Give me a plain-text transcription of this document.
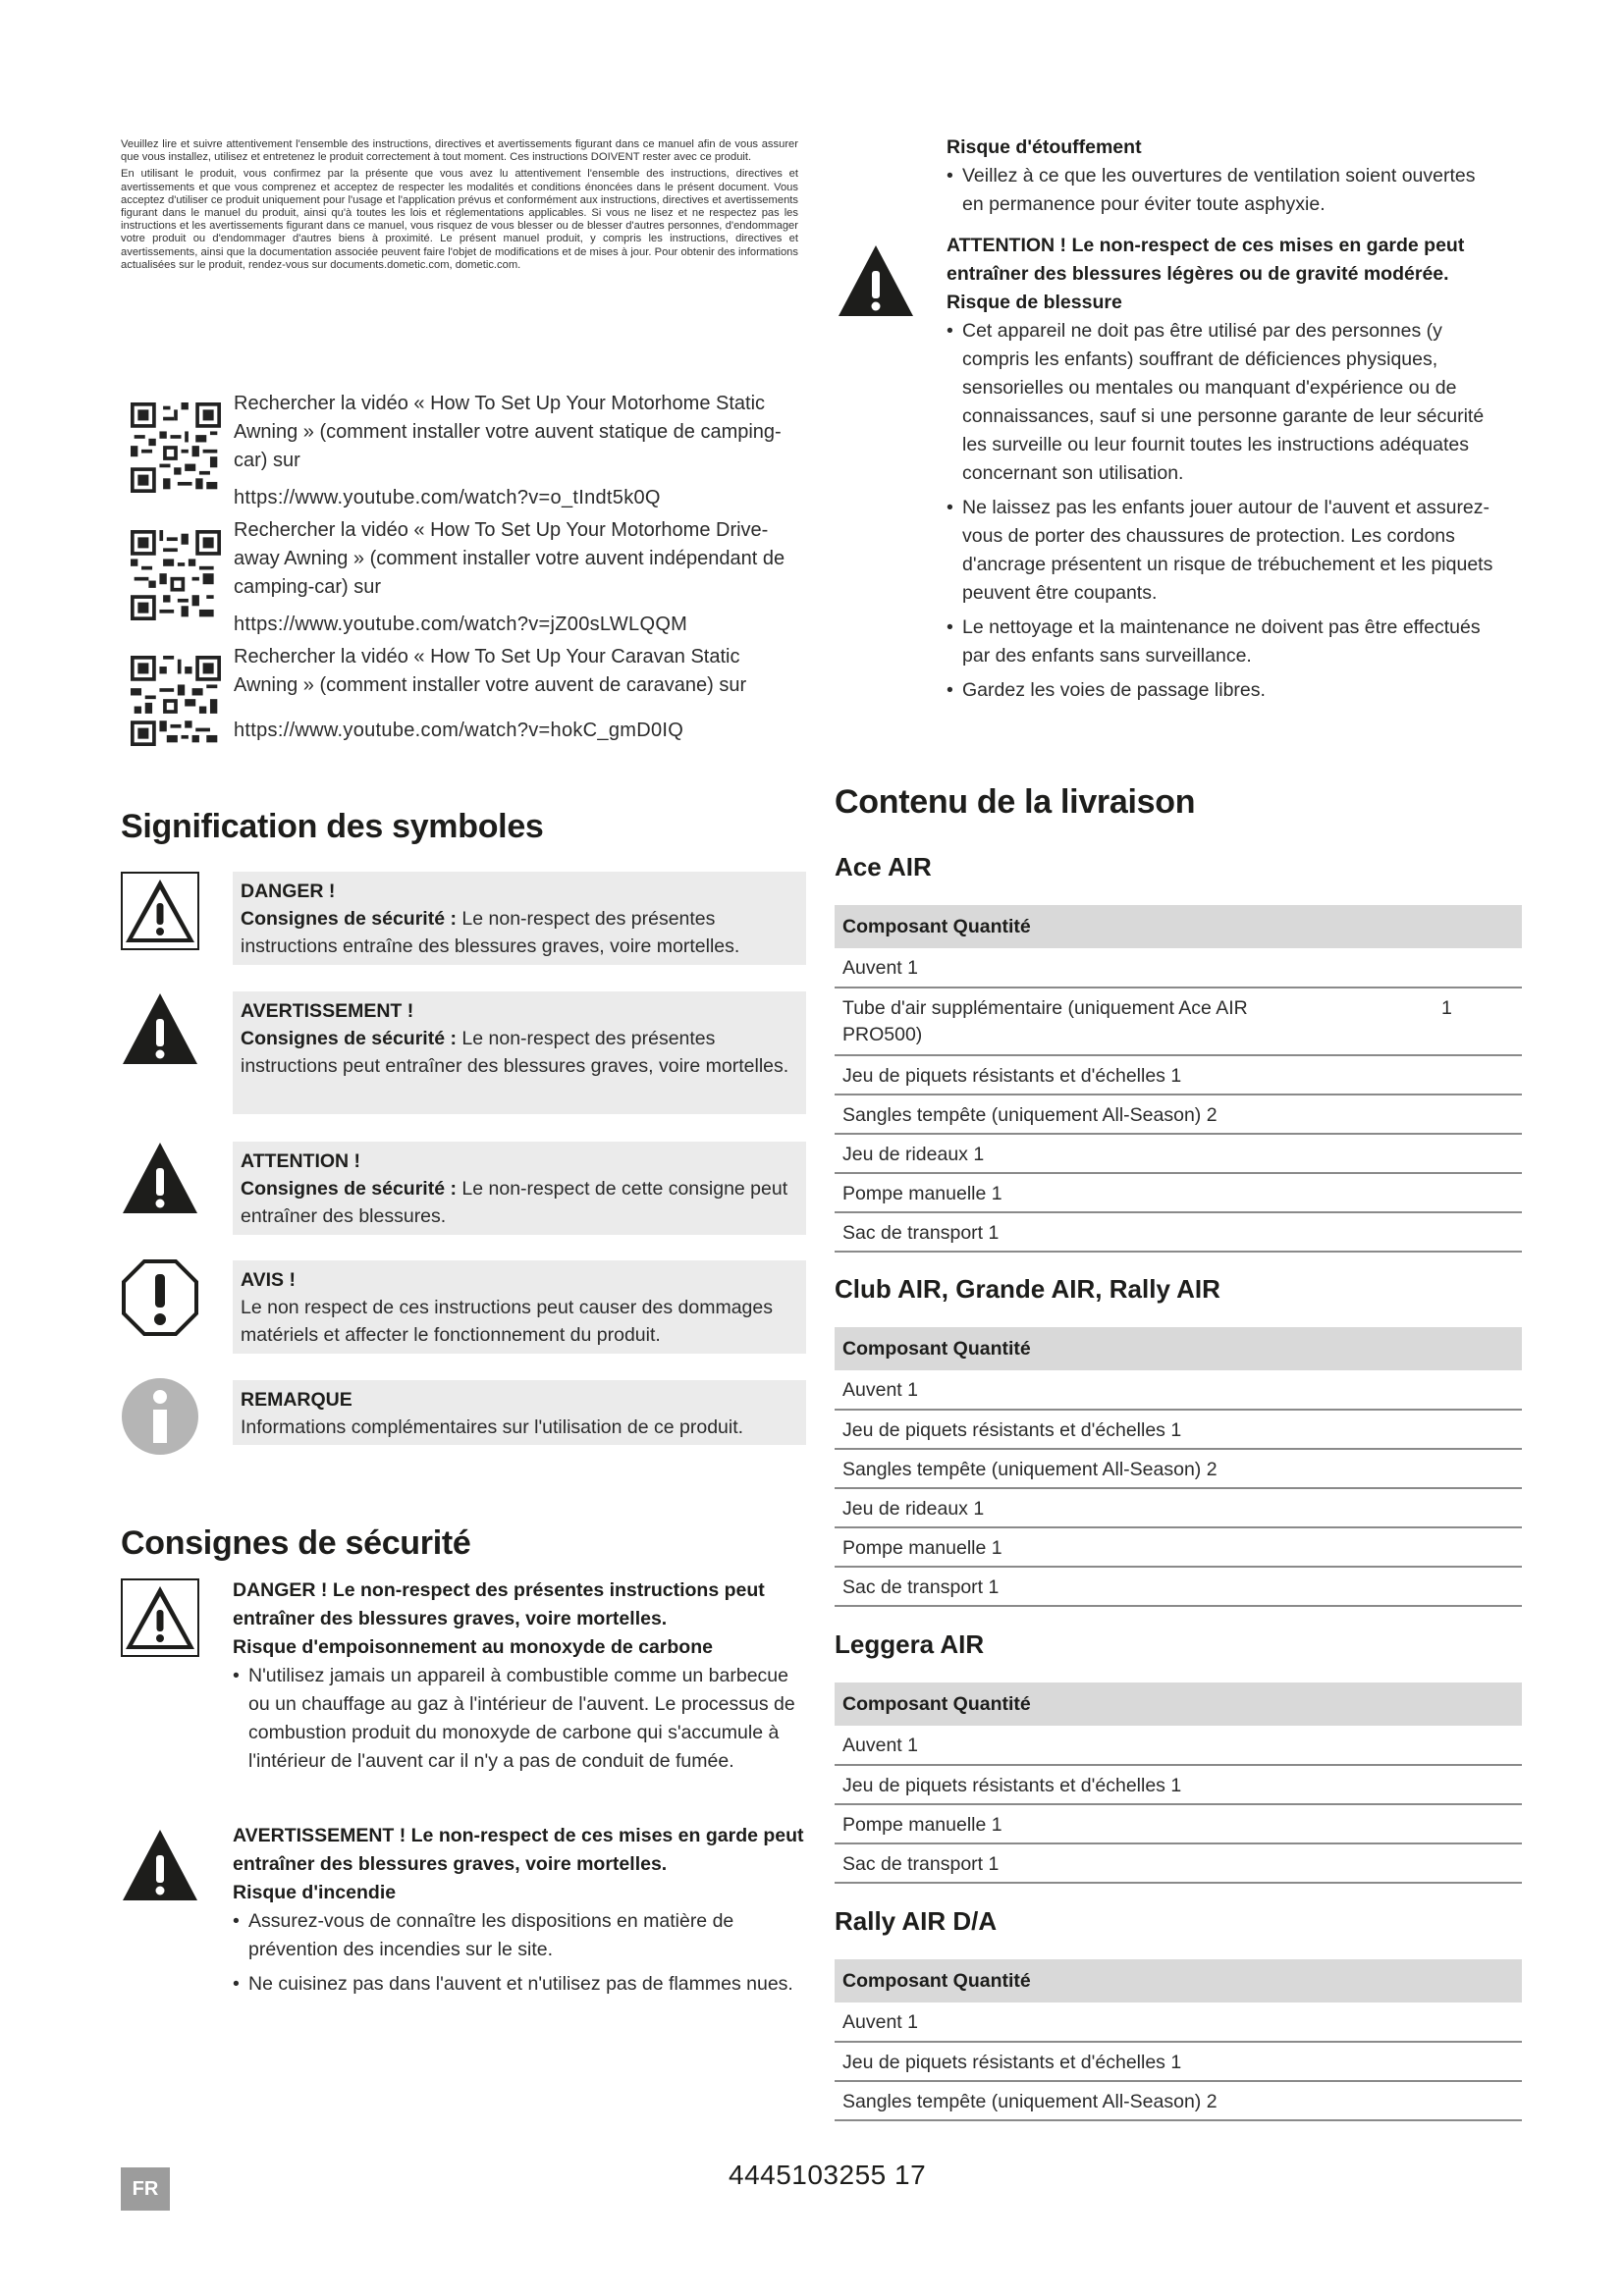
Veuillez lire et suivre attentivement l'ensemble des instructions, directives et avertissements figurant dans ce manuel afin de vous assurer que vous installez, utilisez et entretenez le produit correctement à tout moment. Ces instructions DOIVENT rester avec ce produit.

En utilisant le produit, vous confirmez par la présente que vous avez lu attentivement l'ensemble des instructions, directives et avertissements et que vous comprenez et acceptez de respecter les modalités et conditions énoncées dans le présent document. Vous acceptez d'utiliser ce produit uniquement pour l'usage et l'application prévus et conformément aux instructions, directives et avertissements figurant dans le manuel du produit, ainsi qu'à toutes les lois et réglementations applicables. Si vous ne lisez et ne respectez pas les instructions et les avertissements figurant dans ce manuel, vous risquez de vous blesser ou de blesser d'autres personnes, d'endommager votre produit ou d'endommager d'autres biens à proximité. Le présent manuel produit, y compris les instructions, directives et avertissements, ainsi que la documentation associée peuvent faire l'objet de modifications et de mises à jour. Pour obtenir des informations actualisées sur le produit, rendez-vous sur documents.dometic.com, dometic.com.

Rechercher la vidéo « How To Set Up Your Motorhome Static Awning » (comment installer votre auvent statique de camping-car) sur
https://www.youtube.com/watch?v=o_tIndt5k0Q
Rechercher la vidéo « How To Set Up Your Motorhome Drive-away Awning » (comment installer votre auvent indépendant de camping-car) sur
https://www.youtube.com/watch?v=jZ00sLWLQQM
Rechercher la vidéo « How To Set Up Your Caravan Static Awning » (comment installer votre auvent de caravane) sur
https://www.youtube.com/watch?v=hokC_gmD0IQ
Signification des symboles
DANGER !
Consignes de sécurité : Le non-respect des présentes instructions entraîne des blessures graves, voire mortelles.
AVERTISSEMENT !
Consignes de sécurité : Le non-respect des présentes instructions peut entraîner des blessures graves, voire mortelles.
ATTENTION !
Consignes de sécurité : Le non-respect de cette consigne peut entraîner des blessures.
AVIS !
Le non respect de ces instructions peut causer des dommages matériels et affecter le fonctionnement du produit.
REMARQUE
Informations complémentaires sur l'utilisation de ce produit.
Consignes de sécurité
DANGER ! Le non-respect des présentes instructions peut entraîner des blessures graves, voire mortelles.
Risque d'empoisonnement au monoxyde de carbone
• N'utilisez jamais un appareil à combustible comme un barbecue ou un chauffage au gaz à l'intérieur de l'auvent. Le processus de combustion produit du monoxyde de carbone qui s'accumule à l'intérieur de l'auvent car il n'y a pas de conduit de fumée.
AVERTISSEMENT ! Le non-respect de ces mises en garde peut entraîner des blessures graves, voire mortelles.
Risque d'incendie
• Assurez-vous de connaître les dispositions en matière de prévention des incendies sur le site.
• Ne cuisinez pas dans l'auvent et n'utilisez pas de flammes nues.
Risque d'étouffement
• Veillez à ce que les ouvertures de ventilation soient ouvertes en permanence pour éviter toute asphyxie.
ATTENTION ! Le non-respect de ces mises en garde peut entraîner des blessures légères ou de gravité modérée.
Risque de blessure
• Cet appareil ne doit pas être utilisé par des personnes (y compris les enfants) souffrant de déficiences physiques, sensorielles ou mentales ou manquant d'expérience ou de connaissances, sauf si une personne garante de leur sécurité les surveille ou leur fournit toutes les instructions adéquates concernant son utilisation.
• Ne laissez pas les enfants jouer autour de l'auvent et assurez-vous de porter des chaussures de protection. Les cordons d'ancrage présentent un risque de trébuchement et les piquets peuvent être coupants.
• Le nettoyage et la maintenance ne doivent pas être effectués par des enfants sans surveillance.
• Gardez les voies de passage libres.
Contenu de la livraison
Ace AIR
Composant Quantité	
Auvent 1	
Tube d'air supplémentaire (uniquement Ace AIR PRO500)	1
Jeu de piquets résistants et d'échelles 1	
Sangles tempête (uniquement All-Season) 2	
Jeu de rideaux 1	
Pompe manuelle 1	
Sac de transport 1	
Club AIR, Grande AIR, Rally AIR
Composant Quantité	
Auvent 1	
Jeu de piquets résistants et d'échelles 1	
Sangles tempête (uniquement All-Season) 2	
Jeu de rideaux 1	
Pompe manuelle 1	
Sac de transport 1	
Leggera AIR
Composant Quantité	
Auvent 1	
Jeu de piquets résistants et d'échelles 1	
Pompe manuelle 1	
Sac de transport 1	
Rally AIR D/A
Composant Quantité	
Auvent 1	
Jeu de piquets résistants et d'échelles 1	
Sangles tempête (uniquement All-Season) 2	
FR	4445103255 17
